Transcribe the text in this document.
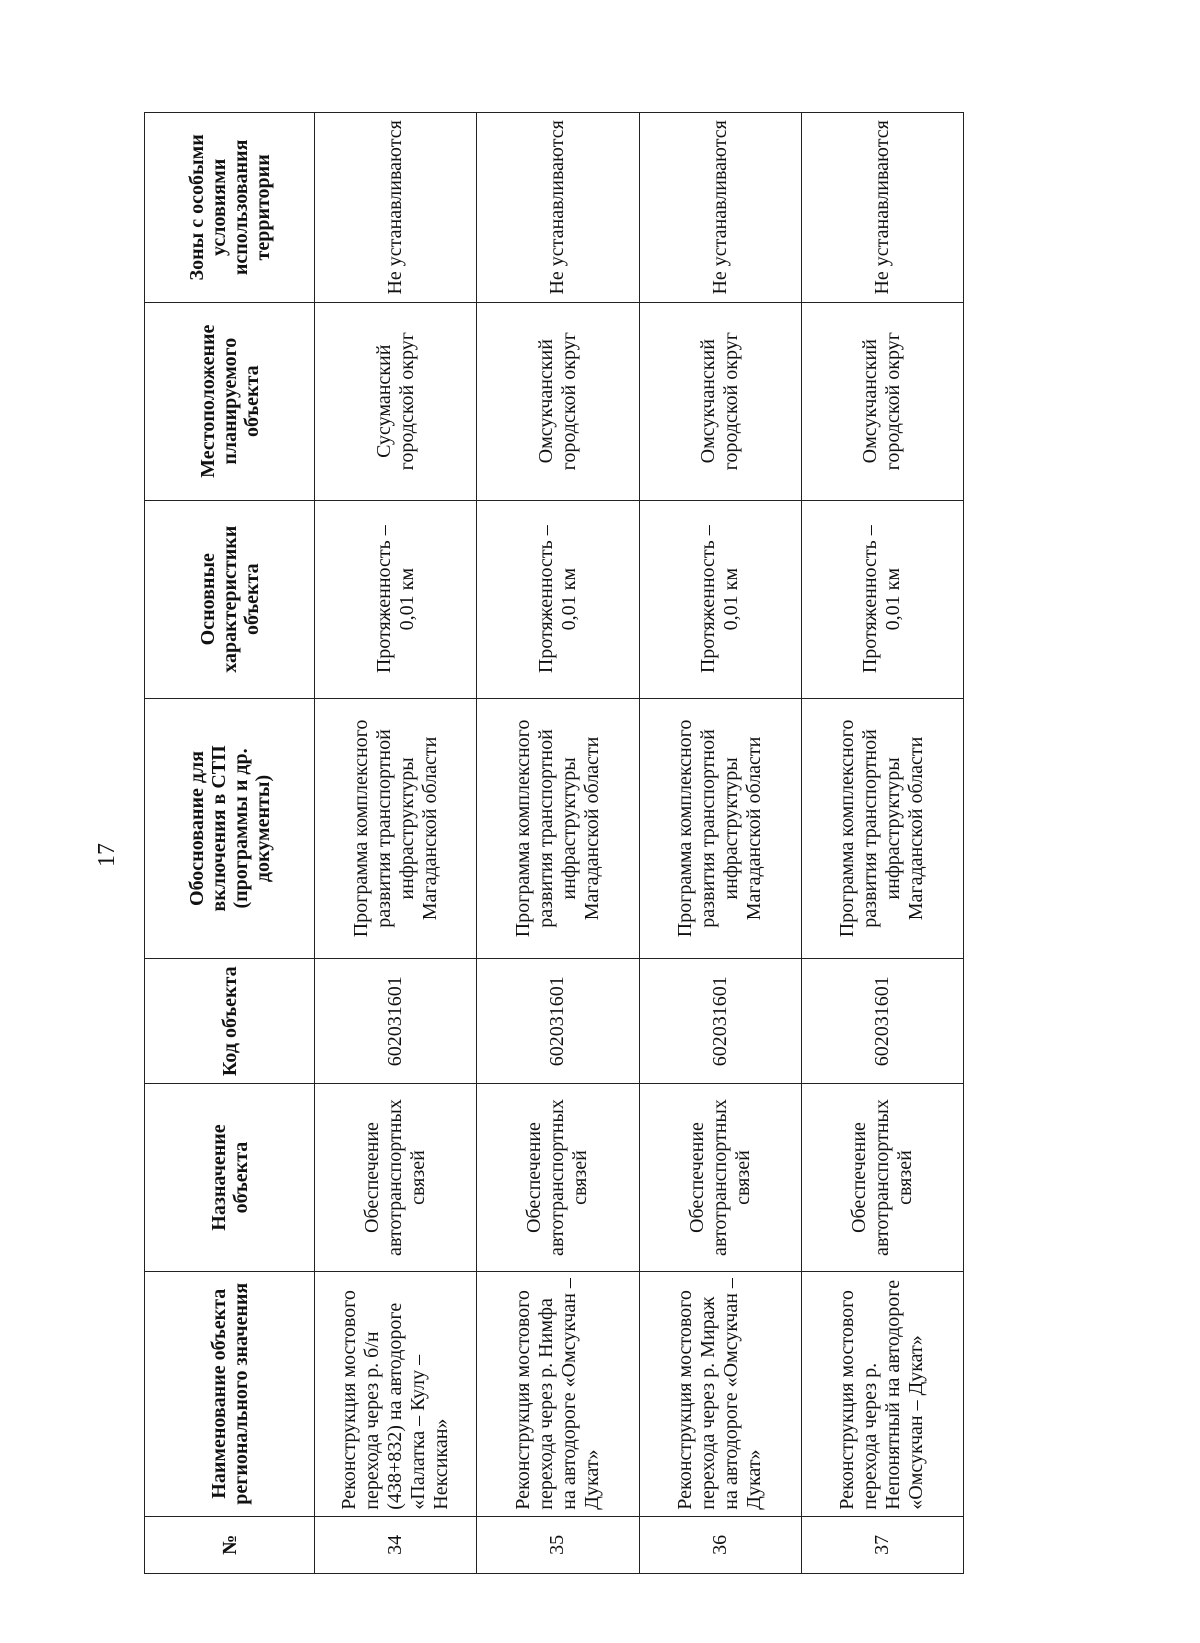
17
№	Наименование объекта регионального значения	Назначение объекта	Код объекта	Обоснование для включения в СТП (программы и др. документы)	Основные характеристики объекта	Местоположение планируемого объекта	Зоны с особыми условиями использования территории
34	Реконструкция мостового перехода через р. б/н (438+832) на автодороге «Палатка – Кулу – Нексикан»	Обеспечение автотранспортных связей	602031601	Программа комплексного развития транспортной инфраструктуры Магаданской области	Протяженность – 0,01 км	Сусуманский городской округ	Не устанавливаются
35	Реконструкция мостового перехода через р. Нимфа на автодороге «Омсукчан – Дукат»	Обеспечение автотранспортных связей	602031601	Программа комплексного развития транспортной инфраструктуры Магаданской области	Протяженность – 0,01 км	Омсукчанский городской округ	Не устанавливаются
36	Реконструкция мостового перехода через р. Мираж на автодороге «Омсукчан – Дукат»	Обеспечение автотранспортных связей	602031601	Программа комплексного развития транспортной инфраструктуры Магаданской области	Протяженность – 0,01 км	Омсукчанский городской округ	Не устанавливаются
37	Реконструкция мостового перехода через р. Непонятный на автодороге «Омсукчан – Дукат»	Обеспечение автотранспортных связей	602031601	Программа комплексного развития транспортной инфраструктуры Магаданской области	Протяженность – 0,01 км	Омсукчанский городской округ	Не устанавливаются
